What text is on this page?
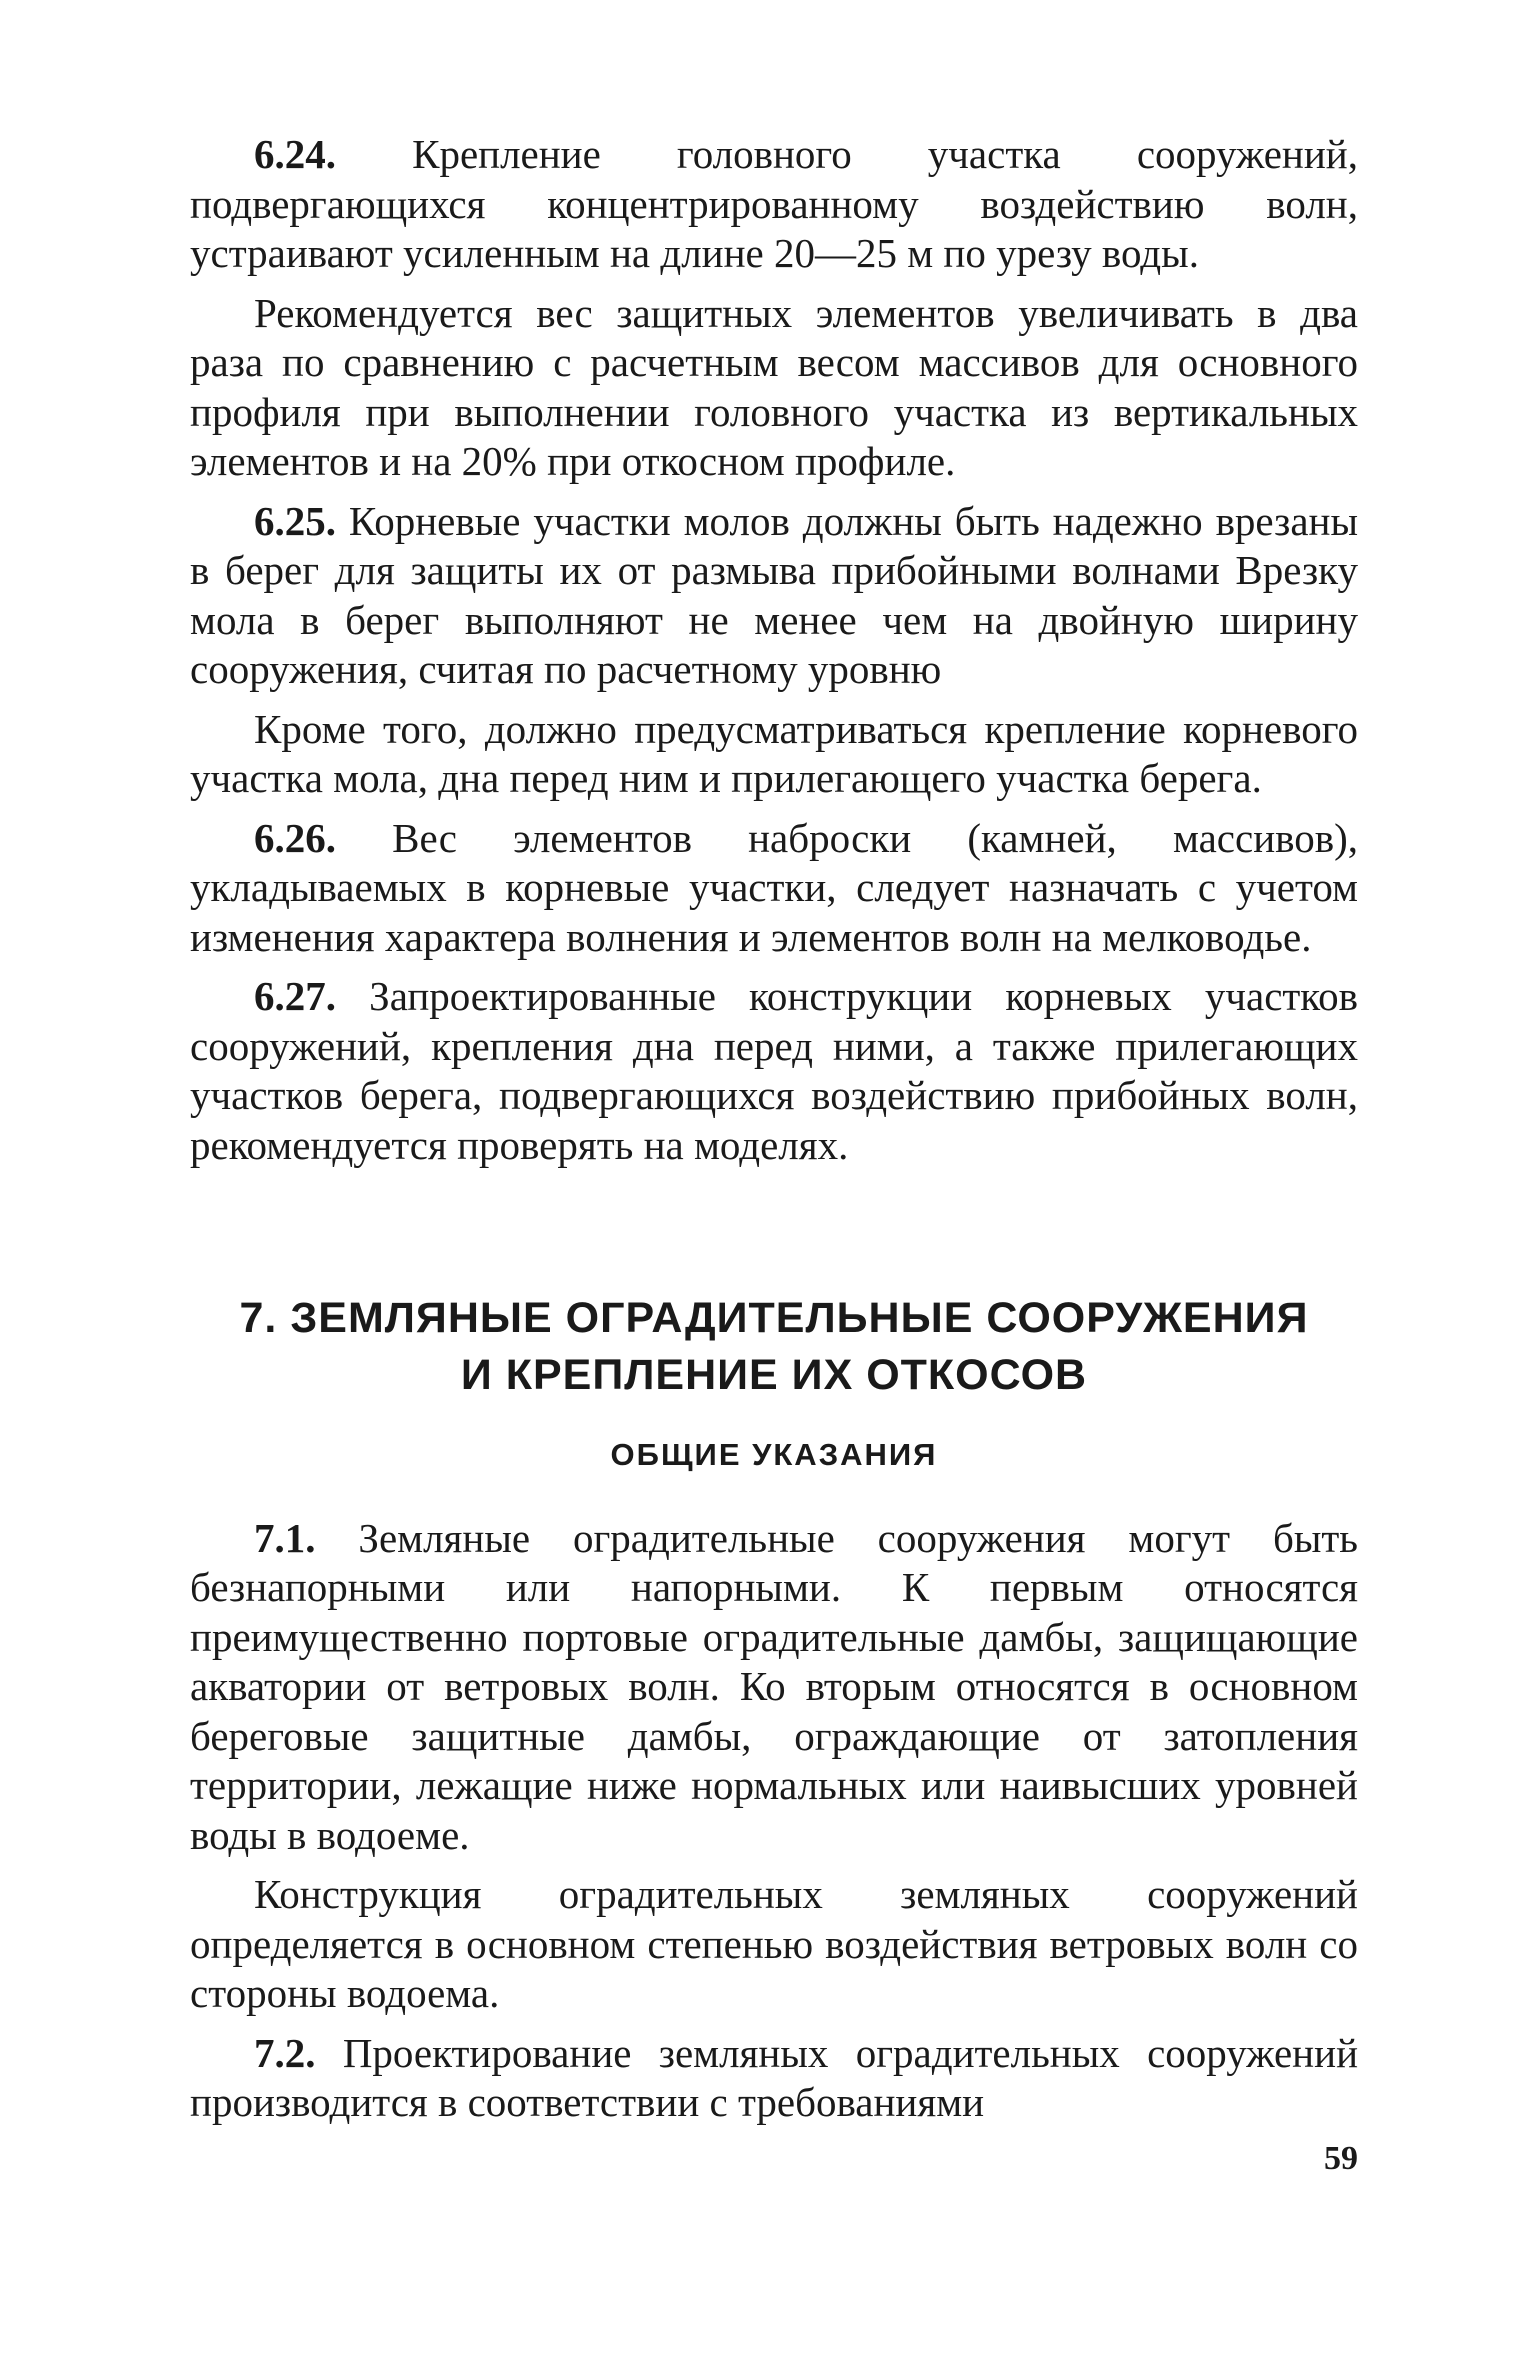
6.24. Крепление головного участка сооружений, подвергающихся концентрированному воздействию волн, устраивают усиленным на длине 20—25 м по урезу воды.

Рекомендуется вес защитных элементов увеличивать в два раза по сравнению с расчетным весом массивов для основного профиля при выполнении головного участка из вертикальных элементов и на 20% при откосном профиле.

6.25. Корневые участки молов должны быть надежно врезаны в берег для защиты их от размыва прибойными волнами Врезку мола в берег выполняют не менее чем на двойную ширину сооружения, считая по расчетному уровню

Кроме того, должно предусматриваться крепление корневого участка мола, дна перед ним и прилегающего участка берега.

6.26. Вес элементов наброски (камней, массивов), укладываемых в корневые участки, следует назначать с учетом изменения характера волнения и элементов волн на мелководье.

6.27. Запроектированные конструкции корневых участков сооружений, крепления дна перед ними, а также прилегающих участков берега, подвергающихся воздействию прибойных волн, рекомендуется проверять на моделях.

7. ЗЕМЛЯНЫЕ ОГРАДИТЕЛЬНЫЕ СООРУЖЕНИЯ
И КРЕПЛЕНИЕ ИХ ОТКОСОВ
ОБЩИЕ УКАЗАНИЯ

7.1. Земляные оградительные сооружения могут быть безнапорными или напорными. К первым относятся преимущественно портовые оградительные дамбы, защищающие акватории от ветровых волн. Ко вторым относятся в основном береговые защитные дамбы, ограждающие от затопления территории, лежащие ниже нормальных или наивысших уровней воды в водоеме.

Конструкция оградительных земляных сооружений определяется в основном степенью воздействия ветровых волн со стороны водоема.

7.2. Проектирование земляных оградительных сооружений производится в соответствии с требованиями

59
